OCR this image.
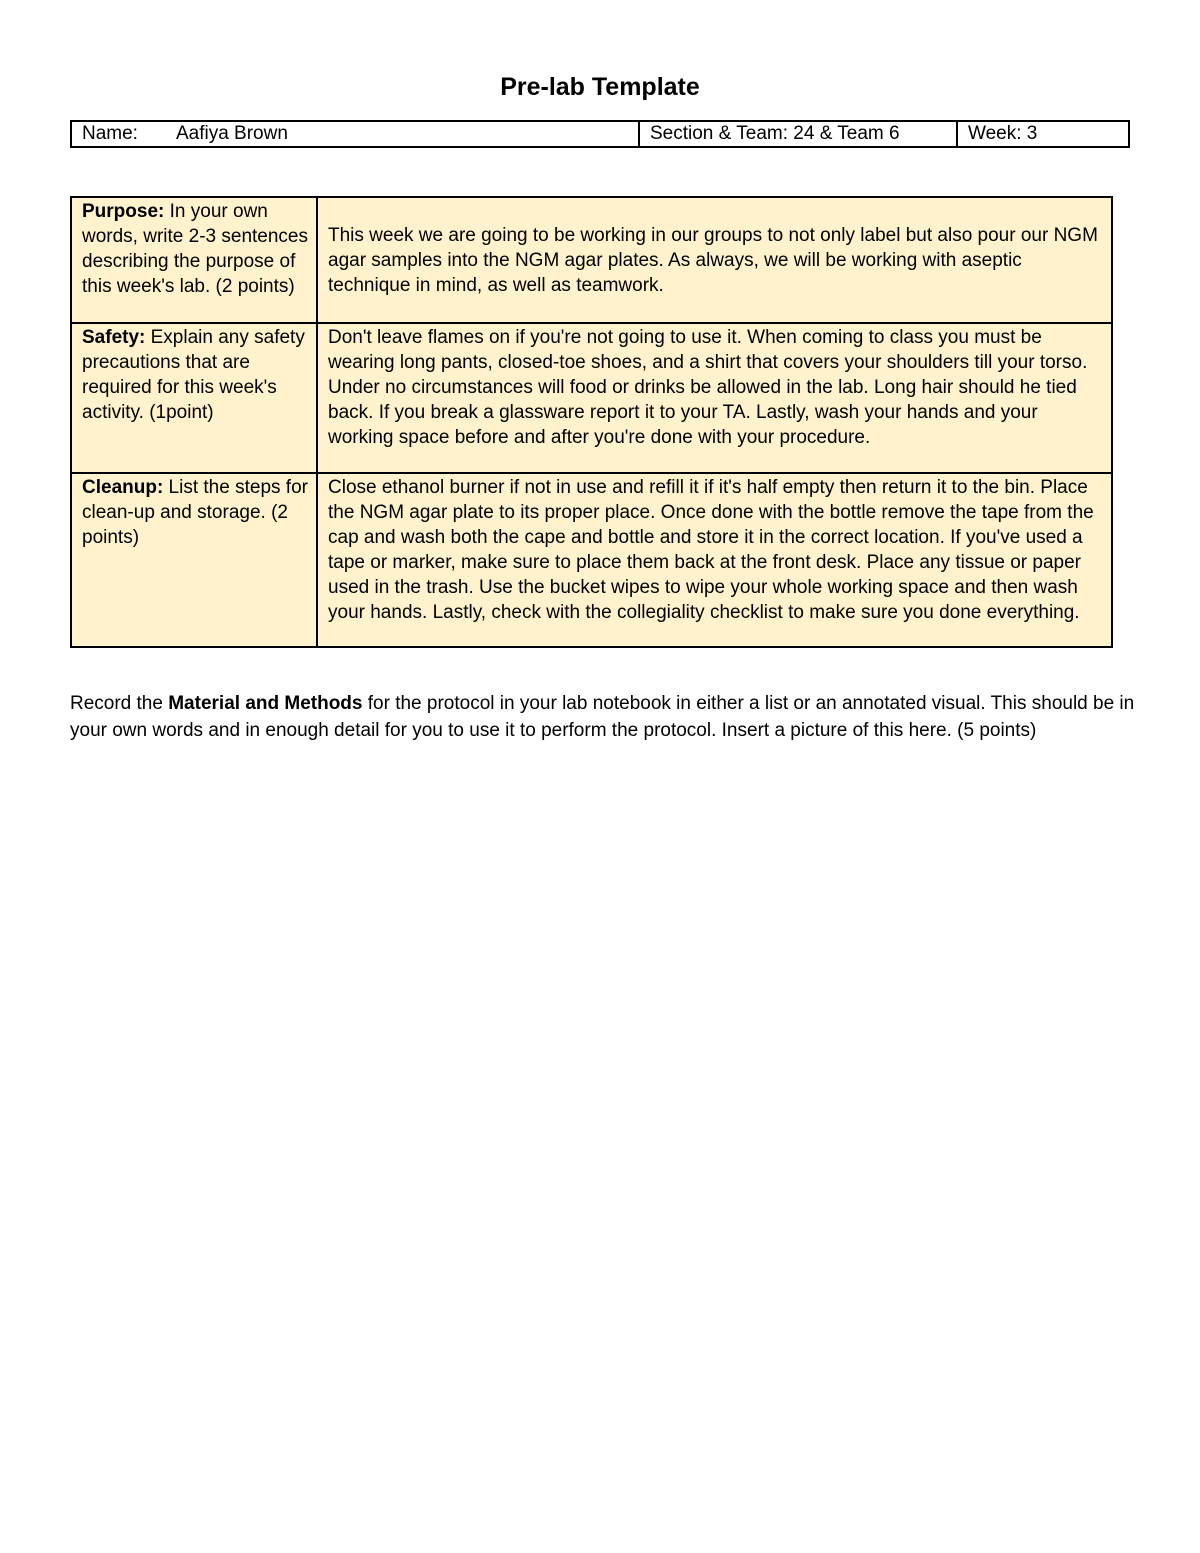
Pre-lab Template
Name: Aafiya Brown	Section & Team: 24 & Team 6	Week: 3
Purpose: In your own words, write 2-3 sentences describing the purpose of this week's lab. (2 points)	This week we are going to be working in our groups to not only label but also pour our NGM agar samples into the NGM agar plates. As always, we will be working with aseptic technique in mind, as well as teamwork.
Safety: Explain any safety precautions that are required for this week's activity. (1point)	Don't leave flames on if you're not going to use it. When coming to class you must be wearing long pants, closed-toe shoes, and a shirt that covers your shoulders till your torso. Under no circumstances will food or drinks be allowed in the lab. Long hair should he tied back. If you break a glassware report it to your TA. Lastly, wash your hands and your working space before and after you're done with your procedure.
Cleanup: List the steps for clean-up and storage. (2 points)	Close ethanol burner if not in use and refill it if it's half empty then return it to the bin. Place the NGM agar plate to its proper place. Once done with the bottle remove the tape from the cap and wash both the cape and bottle and store it in the correct location. If you've used a tape or marker, make sure to place them back at the front desk. Place any tissue or paper used in the trash. Use the bucket wipes to wipe your whole working space and then wash your hands. Lastly, check with the collegiality checklist to make sure you done everything.

Record the Material and Methods for the protocol in your lab notebook in either a list or an annotated visual. This should be in your own words and in enough detail for you to use it to perform the protocol. Insert a picture of this here. (5 points)
